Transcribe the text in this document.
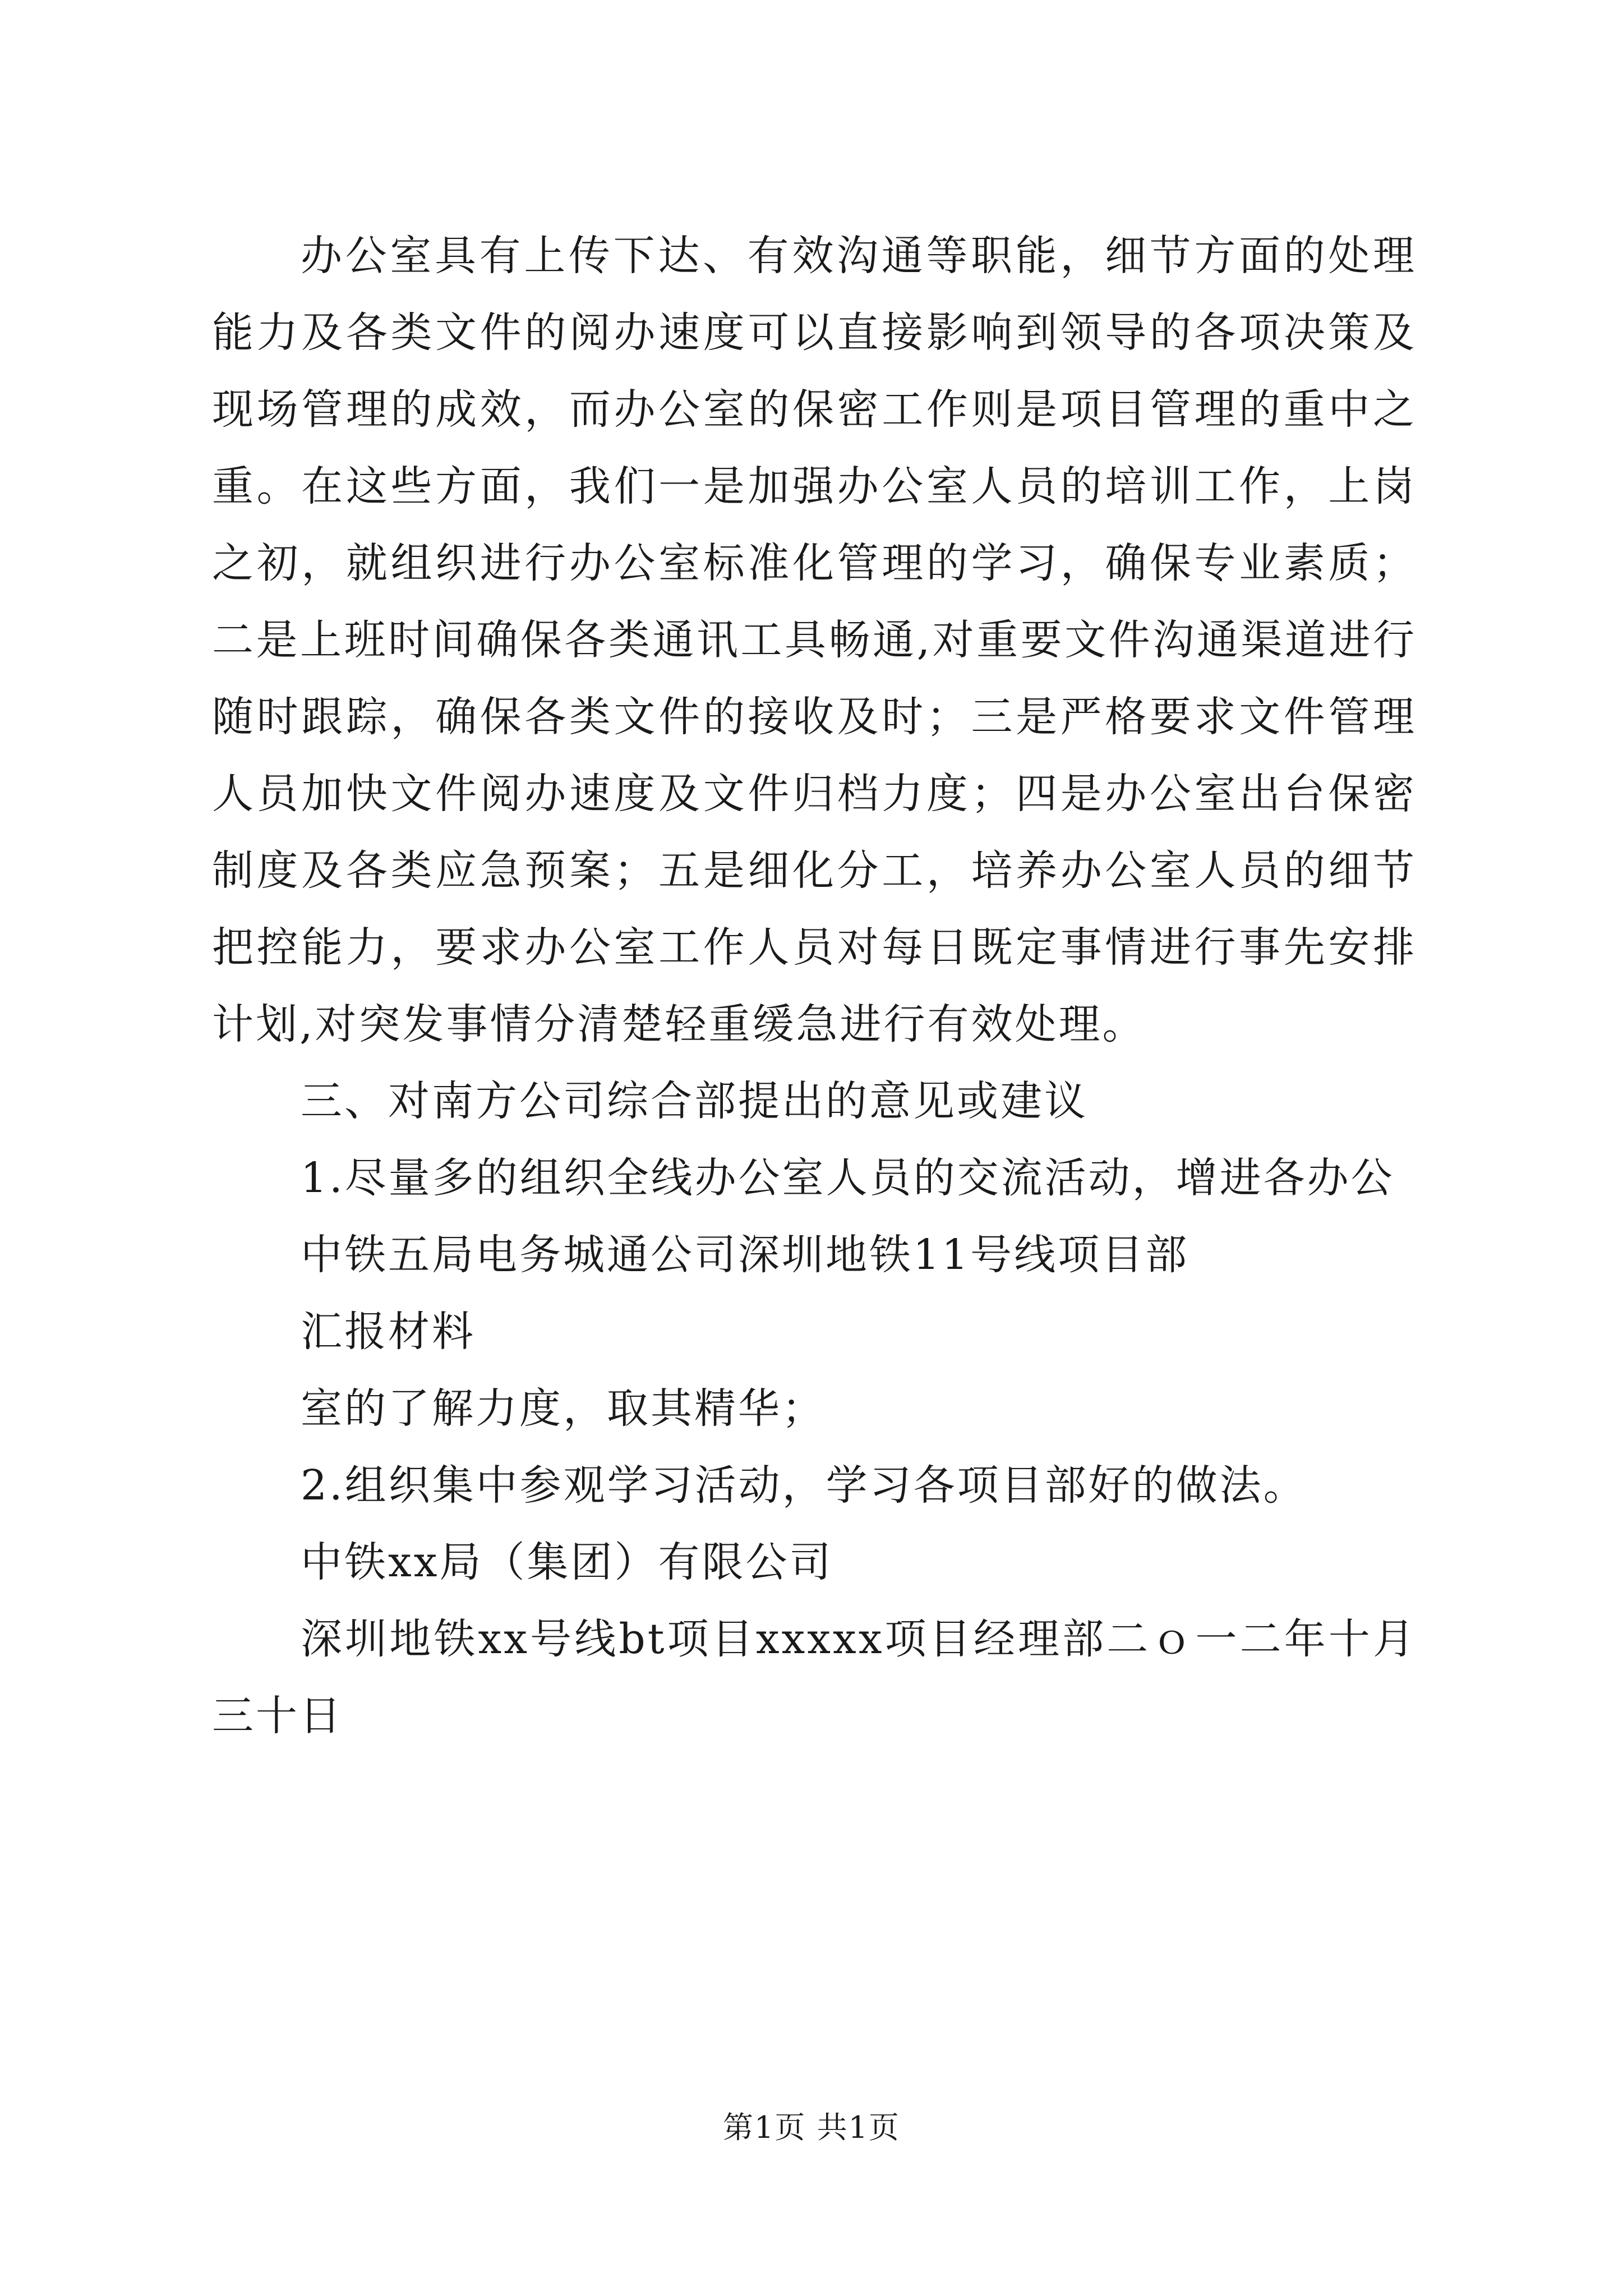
办公室具有上传下达、有效沟通等职能，细节方面的处理能力及各类文件的阅办速度可以直接影响到领导的各项决策及现场管理的成效，而办公室的保密工作则是项目管理的重中之重。在这些方面，我们一是加强办公室人员的培训工作，上岗之初，就组织进行办公室标准化管理的学习，确保专业素质；二是上班时间确保各类通讯工具畅通,对重要文件沟通渠道进行随时跟踪，确保各类文件的接收及时；三是严格要求文件管理人员加快文件阅办速度及文件归档力度；四是办公室出台保密制度及各类应急预案；五是细化分工，培养办公室人员的细节把控能力，要求办公室工作人员对每日既定事情进行事先安排计划,对突发事情分清楚轻重缓急进行有效处理。

三、对南方公司综合部提出的意见或建议

1.尽量多的组织全线办公室人员的交流活动，增进各办公

中铁五局电务城通公司深圳地铁11号线项目部

汇报材料

室的了解力度，取其精华；

2.组织集中参观学习活动，学习各项目部好的做法。

中铁xx局（集团）有限公司

深圳地铁xx号线bt项目xxxxx项目经理部二ｏ一二年十月三十日

第1页 共1页
